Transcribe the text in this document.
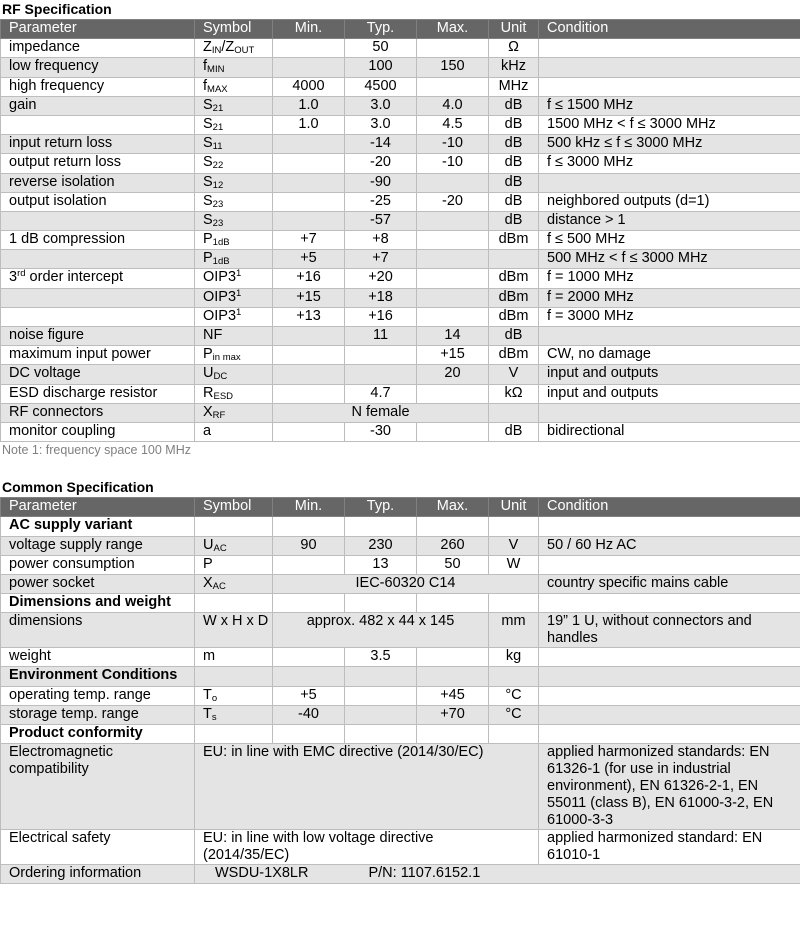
RF Specification
Parameter	Symbol	Min.	Typ.	Max.	Unit	Condition
impedance	$Z_{IN}/Z_{OUT}$		50		Ω	
low frequency	$f_{MIN}$		100	150	kHz	
high frequency	$f_{MAX}$	4000	4500		MHz	
gain	$S_{21}$	1.0	3.0	4.0	dB	f ≤ 1500 MHz
	$S_{21}$	1.0	3.0	4.5	dB	1500 MHz < f ≤ 3000 MHz
input return loss	$S_{11}$		-14	-10	dB	500 kHz ≤ f ≤ 3000 MHz
output return loss	$S_{22}$		-20	-10	dB	f ≤ 3000 MHz
reverse isolation	$S_{12}$		-90		dB	
output isolation	$S_{23}$		-25	-20	dB	neighbored outputs (d=1)
	$S_{23}$		-57		dB	distance > 1
1 dB compression	$P_{1dB}$	+7	+8		dBm	f ≤ 500 MHz
	$P_{1dB}$	+5	+7			500 MHz < f ≤ 3000 MHz
3rd order intercept	$OIP3^1$	+16	+20		dBm	f = 1000 MHz
	$OIP3^1$	+15	+18		dBm	f = 2000 MHz
	$OIP3^1$	+13	+16		dBm	f = 3000 MHz
noise figure	NF		11	14	dB	
maximum input power	$P_{in max}$			+15	dBm	CW, no damage
DC voltage	$U_{DC}$			20	V	input and outputs
ESD discharge resistor	$R_{ESD}$		4.7		kΩ	input and outputs
RF connectors	$X_{RF}$	N female				
monitor coupling	a		-30		dB	bidirectional
Note 1: frequency space 100 MHz
Common Specification
Parameter	Symbol	Min.	Typ.	Max.	Unit	Condition
AC supply variant						
voltage supply range	$U_{AC}$	90	230	260	V	50 / 60 Hz AC
power consumption	P		13	50	W	
power socket	$X_{AC}$	IEC-60320 C14				country specific mains cable
Dimensions and weight						
dimensions	W x H x D	approx. 482 x 44 x 145			mm	19” 1 U, without connectors and handles
weight	m		3.5		kg	
Environment Conditions						
operating temp. range	$T_o$	+5		+45	°C	
storage temp. range	$T_s$	-40		+70	°C	
Product conformity						
Electromagnetic compatibility	EU: in line with EMC directive (2014/30/EC)					applied harmonized standards: EN 61326-1 (for use in industrial environment), EN 61326-2-1, EN 55011 (class B), EN 61000-3-2, EN 61000-3-3
Electrical safety	EU: in line with low voltage directive (2014/35/EC)					applied harmonized standard: EN 61010-1
Ordering information	WSDU-1X8LR P/N: 1107.6152.1					
